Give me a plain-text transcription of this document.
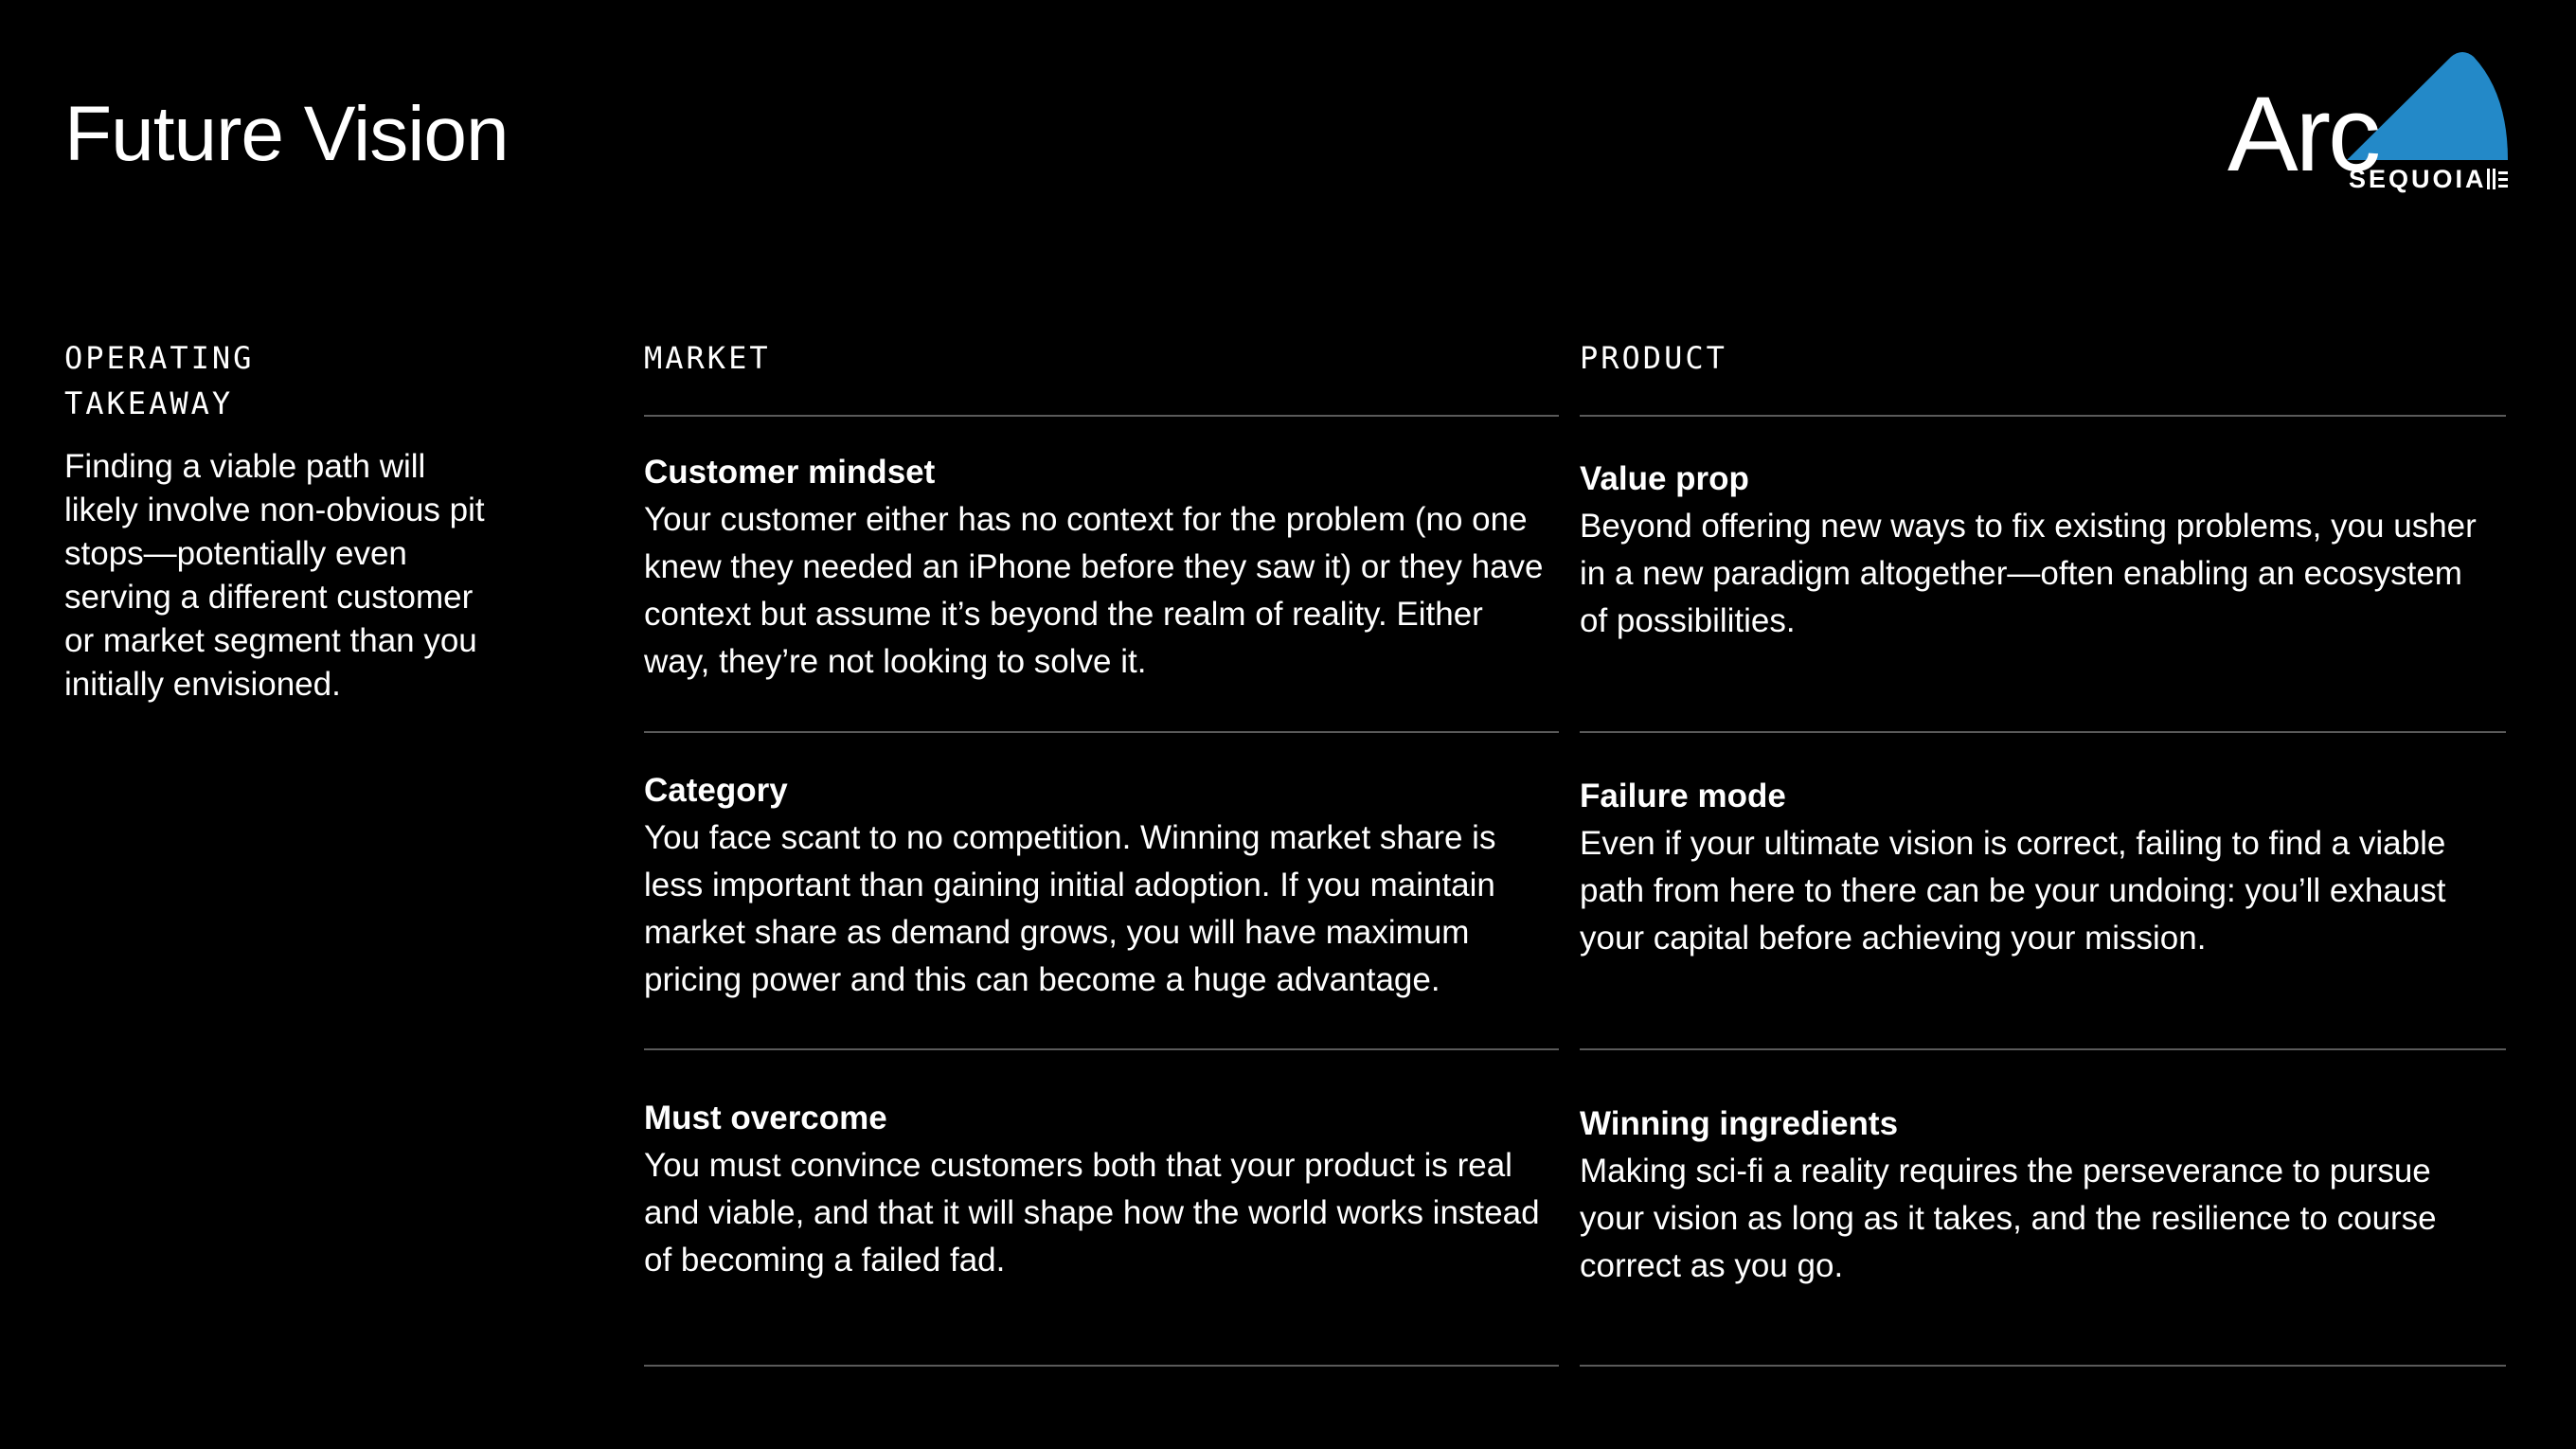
Future Vision	Arc
SEQUOIA
OPERATING TAKEAWAY
Finding a viable path will likely involve non-obvious pit stops—potentially even serving a different customer or market segment than you initially envisioned.
MARKET	PRODUCT
Customer mindset
Your customer either has no context for the problem (no one knew they needed an iPhone before they saw it) or they have context but assume it’s beyond the realm of reality. Either way, they’re not looking to solve it.
Category
You face scant to no competition. Winning market share is less important than gaining initial adoption. If you maintain market share as demand grows, you will have maximum pricing power and this can become a huge advantage.
Must overcome
You must convince customers both that your product is real and viable, and that it will shape how the world works instead of becoming a failed fad.
Value prop
Beyond offering new ways to fix existing problems, you usher in a new paradigm altogether—often enabling an ecosystem of possibilities.
Failure mode
Even if your ultimate vision is correct, failing to find a viable path from here to there can be your undoing: you’ll exhaust your capital before achieving your mission.
Winning ingredients
Making sci-fi a reality requires the perseverance to pursue your vision as long as it takes, and the resilience to course correct as you go.
